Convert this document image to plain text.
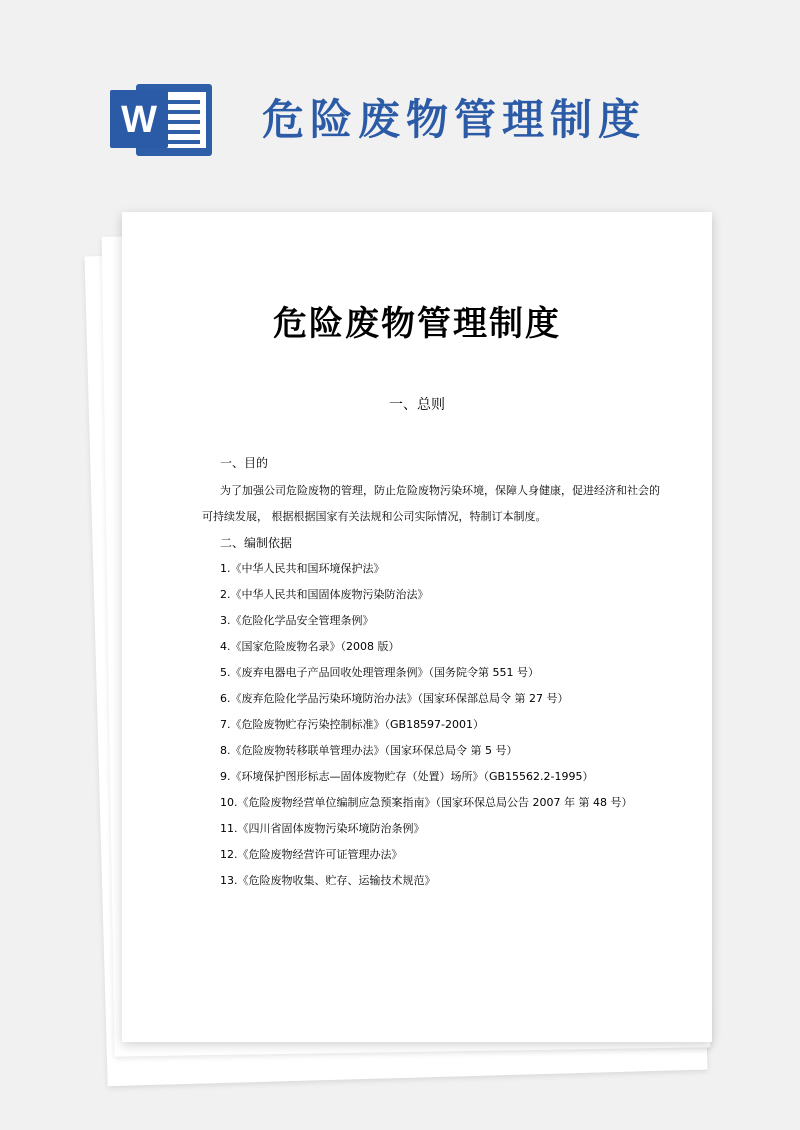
W	危险废物管理制度
危险废物管理制度
一、总则
一、目的
为了加强公司危险废物的管理，防止危险废物污染环境，保障人身健康，促进经济和社会的
可持续发展， 根据根据国家有关法规和公司实际情况，特制订本制度。
二、编制依据
1.《中华人民共和国环境保护法》
2.《中华人民共和国固体废物污染防治法》
3.《危险化学品安全管理条例》
4.《国家危险废物名录》（2008 版）
5.《废弃电器电子产品回收处理管理条例》（国务院令第 551 号）
6.《废弃危险化学品污染环境防治办法》（国家环保部总局令 第 27 号）
7.《危险废物贮存污染控制标准》（GB18597-2001）
8.《危险废物转移联单管理办法》（国家环保总局令 第 5 号）
9.《环境保护图形标志—固体废物贮存（处置）场所》（GB15562.2-1995）
10.《危险废物经营单位编制应急预案指南》（国家环保总局公告 2007 年 第 48 号）
11.《四川省固体废物污染环境防治条例》
12.《危险废物经营许可证管理办法》
13.《危险废物收集、贮存、运输技术规范》
